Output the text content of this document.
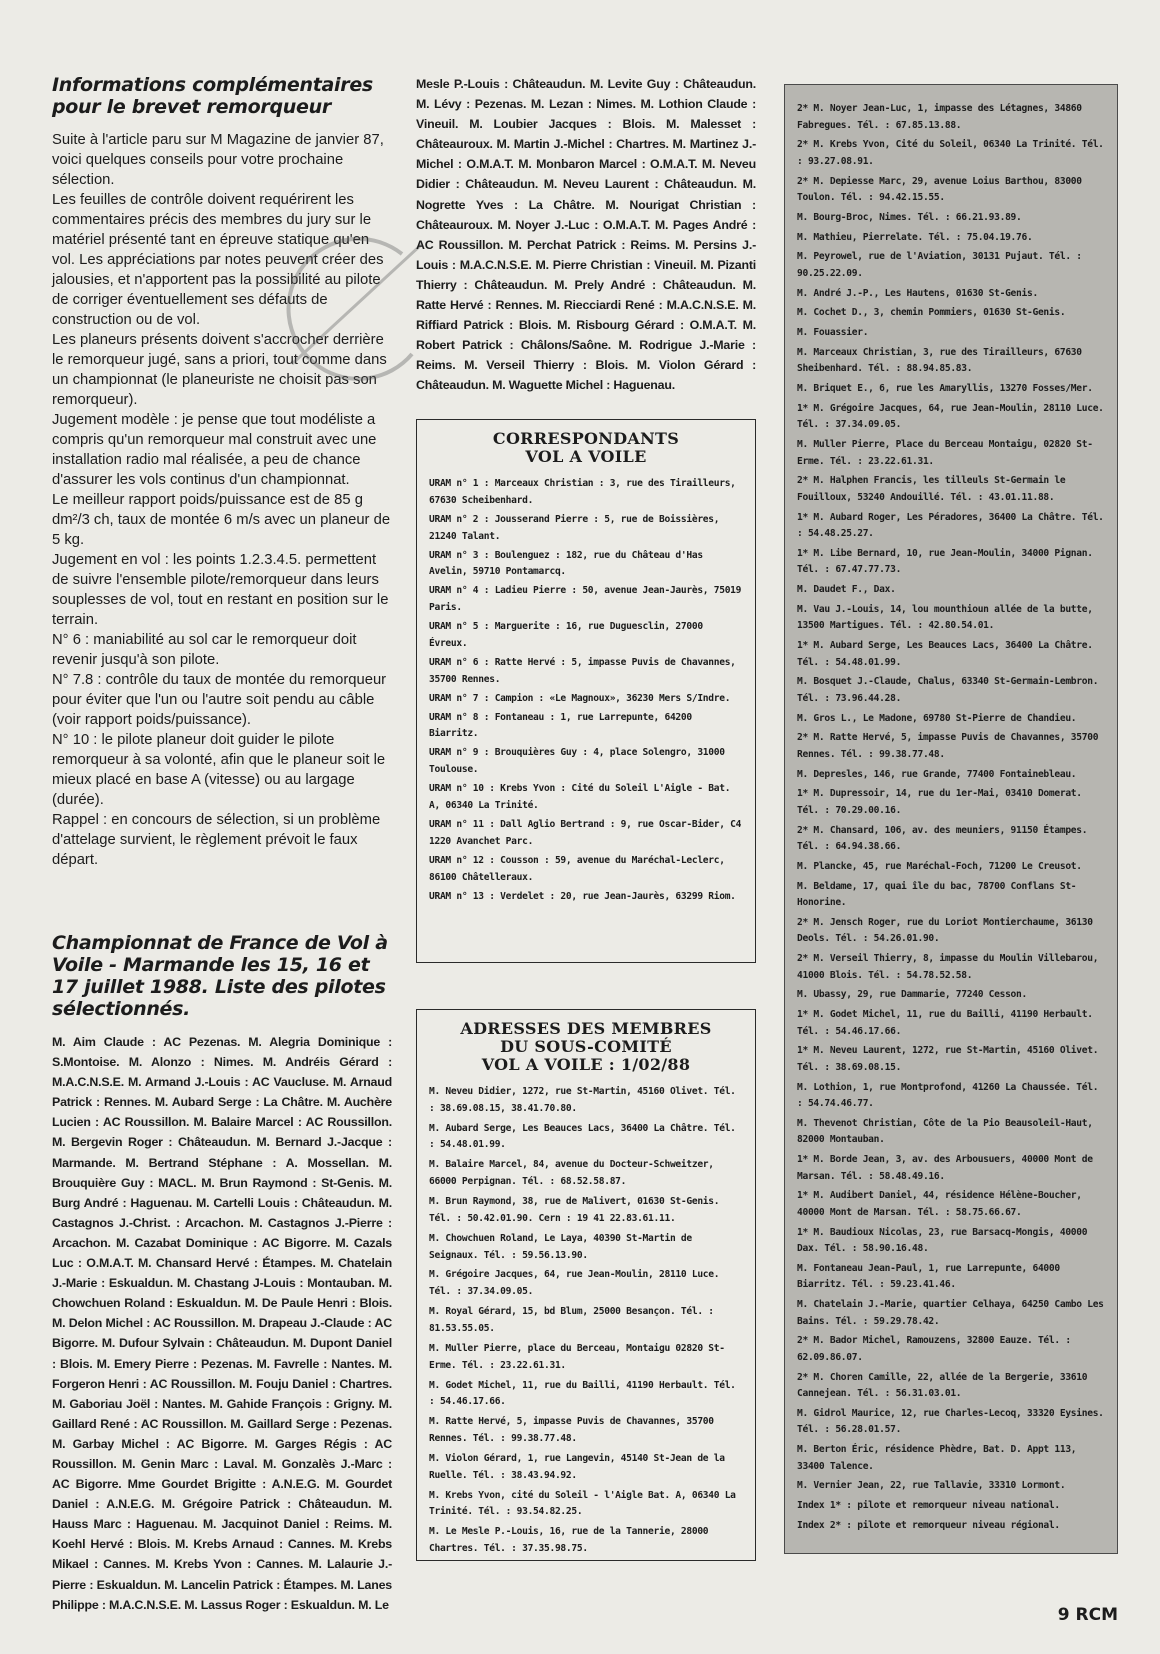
Informations complémentaires pour le brevet remorqueur

Suite à l'article paru sur M Magazine de janvier 87, voici quelques conseils pour votre prochaine sélection.

Les feuilles de contrôle doivent requérirent les commentaires précis des membres du jury sur le matériel présenté tant en épreuve statique qu'en vol. Les appréciations par notes peuvent créer des jalousies, et n'apportent pas la possibilité au pilote de corriger éventuellement ses défauts de construction ou de vol.

Les planeurs présents doivent s'accrocher derrière le remorqueur jugé, sans a priori, tout comme dans un championnat (le planeuriste ne choisit pas son remorqueur).

Jugement modèle : je pense que tout modéliste a compris qu'un remorqueur mal construit avec une installation radio mal réalisée, a peu de chance d'assurer les vols continus d'un championnat.

Le meilleur rapport poids/puissance est de 85 g dm²/3 ch, taux de montée 6 m/s avec un planeur de 5 kg.

Jugement en vol : les points 1.2.3.4.5. permettent de suivre l'ensemble pilote/remorqueur dans leurs souplesses de vol, tout en restant en position sur le terrain.

N° 6 : maniabilité au sol car le remorqueur doit revenir jusqu'à son pilote.

N° 7.8 : contrôle du taux de montée du remorqueur pour éviter que l'un ou l'autre soit pendu au câble (voir rapport poids/puissance).

N° 10 : le pilote planeur doit guider le pilote remorqueur à sa volonté, afin que le planeur soit le mieux placé en base A (vitesse) ou au largage (durée).

Rappel : en concours de sélection, si un problème d'attelage survient, le règlement prévoit le faux départ.

Championnat de France de Vol à Voile - Marmande les 15, 16 et 17 juillet 1988. Liste des pilotes sélectionnés.

M. Aim Claude : AC Pezenas. M. Alegria Dominique : S.Montoise. M. Alonzo : Nimes. M. Andréis Gérard : M.A.C.N.S.E. M. Armand J.-Louis : AC Vaucluse. M. Arnaud Patrick : Rennes. M. Aubard Serge : La Châtre. M. Auchère Lucien : AC Roussillon. M. Balaire Marcel : AC Roussillon. M. Bergevin Roger : Châteaudun. M. Bernard J.-Jacque : Marmande. M. Bertrand Stéphane : A. Mossellan. M. Brouquière Guy : MACL. M. Brun Raymond : St-Genis. M. Burg André : Haguenau. M. Cartelli Louis : Châteaudun. M. Castagnos J.-Christ. : Arcachon. M. Castagnos J.-Pierre : Arcachon. M. Cazabat Dominique : AC Bigorre. M. Cazals Luc : O.M.A.T. M. Chansard Hervé : Étampes. M. Chatelain J.-Marie : Eskualdun. M. Chastang J-Louis : Montauban. M. Chowchuen Roland : Eskualdun. M. De Paule Henri : Blois. M. Delon Michel : AC Roussillon. M. Drapeau J.-Claude : AC Bigorre. M. Dufour Sylvain : Châteaudun. M. Dupont Daniel : Blois. M. Emery Pierre : Pezenas. M. Favrelle : Nantes. M. Forgeron Henri : AC Roussillon. M. Fouju Daniel : Chartres. M. Gaboriau Joël : Nantes. M. Gahide François : Grigny. M. Gaillard René : AC Roussillon. M. Gaillard Serge : Pezenas. M. Garbay Michel : AC Bigorre. M. Garges Régis : AC Roussillon. M. Genin Marc : Laval. M. Gonzalès J.-Marc : AC Bigorre. Mme Gourdet Brigitte : A.N.E.G. M. Gourdet Daniel : A.N.E.G. M. Grégoire Patrick : Châteaudun. M. Hauss Marc : Haguenau. M. Jacquinot Daniel : Reims. M. Koehl Hervé : Blois. M. Krebs Arnaud : Cannes. M. Krebs Mikael : Cannes. M. Krebs Yvon : Cannes. M. Lalaurie J.-Pierre : Eskualdun. M. Lancelin Patrick : Étampes. M. Lanes Philippe : M.A.C.N.S.E. M. Lassus Roger : Eskualdun. M. Le

Mesle P.-Louis : Châteaudun. M. Levite Guy : Châteaudun. M. Lévy : Pezenas. M. Lezan : Nimes. M. Lothion Claude : Vineuil. M. Loubier Jacques : Blois. M. Malesset : Châteauroux. M. Martin J.-Michel : Chartres. M. Martinez J.-Michel : O.M.A.T. M. Monbaron Marcel : O.M.A.T. M. Neveu Didier : Châteaudun. M. Neveu Laurent : Châteaudun. M. Nogrette Yves : La Châtre. M. Nourigat Christian : Châteauroux. M. Noyer J.-Luc : O.M.A.T. M. Pages André : AC Roussillon. M. Perchat Patrick : Reims. M. Persins J.-Louis : M.A.C.N.S.E. M. Pierre Christian : Vineuil. M. Pizanti Thierry : Châteaudun. M. Prely André : Châteaudun. M. Ratte Hervé : Rennes. M. Riecciardi René : M.A.C.N.S.E. M. Riffiard Patrick : Blois. M. Risbourg Gérard : O.M.A.T. M. Robert Patrick : Châlons/Saône. M. Rodrigue J.-Marie : Reims. M. Verseil Thierry : Blois. M. Violon Gérard : Châteaudun. M. Waguette Michel : Haguenau.

CORRESPONDANTS
VOL A VOILE
URAM n° 1 : Marceaux Christian : 3, rue des Tirailleurs, 67630 Scheibenhard.
URAM n° 2 : Jousserand Pierre : 5, rue de Boissières, 21240 Talant.
URAM n° 3 : Boulenguez : 182, rue du Château d'Has Avelin, 59710 Pontamarcq.
URAM n° 4 : Ladieu Pierre : 50, avenue Jean-Jaurès, 75019 Paris.
URAM n° 5 : Marguerite : 16, rue Duguesclin, 27000 Évreux.
URAM n° 6 : Ratte Hervé : 5, impasse Puvis de Chavannes, 35700 Rennes.
URAM n° 7 : Campion : «Le Magnoux», 36230 Mers S/Indre.
URAM n° 8 : Fontaneau : 1, rue Larrepunte, 64200 Biarritz.
URAM n° 9 : Brouquières Guy : 4, place Solengro, 31000 Toulouse.
URAM n° 10 : Krebs Yvon : Cité du Soleil L'Aigle - Bat. A, 06340 La Trinité.
URAM n° 11 : Dall Aglio Bertrand : 9, rue Oscar-Bider, C4 1220 Avanchet Parc.
URAM n° 12 : Cousson : 59, avenue du Maréchal-Leclerc, 86100 Châtelleraux.
URAM n° 13 : Verdelet : 20, rue Jean-Jaurès, 63299 Riom.
ADRESSES DES MEMBRES
DU SOUS-COMITÉ
VOL A VOILE : 1/02/88
M. Neveu Didier, 1272, rue St-Martin, 45160 Olivet. Tél. : 38.69.08.15, 38.41.70.80.
M. Aubard Serge, Les Beauces Lacs, 36400 La Châtre. Tél. : 54.48.01.99.
M. Balaire Marcel, 84, avenue du Docteur-Schweitzer, 66000 Perpignan. Tél. : 68.52.58.87.
M. Brun Raymond, 38, rue de Malivert, 01630 St-Genis. Tél. : 50.42.01.90. Cern : 19 41 22.83.61.11.
M. Chowchuen Roland, Le Laya, 40390 St-Martin de Seignaux. Tél. : 59.56.13.90.
M. Grégoire Jacques, 64, rue Jean-Moulin, 28110 Luce. Tél. : 37.34.09.05.
M. Royal Gérard, 15, bd Blum, 25000 Besançon. Tél. : 81.53.55.05.
M. Muller Pierre, place du Berceau, Montaigu 02820 St-Erme. Tél. : 23.22.61.31.
M. Godet Michel, 11, rue du Bailli, 41190 Herbault. Tél. : 54.46.17.66.
M. Ratte Hervé, 5, impasse Puvis de Chavannes, 35700 Rennes. Tél. : 99.38.77.48.
M. Violon Gérard, 1, rue Langevin, 45140 St-Jean de la Ruelle. Tél. : 38.43.94.92.
M. Krebs Yvon, cité du Soleil - l'Aigle Bat. A, 06340 La Trinité. Tél. : 93.54.82.25.
M. Le Mesle P.-Louis, 16, rue de la Tannerie, 28000 Chartres. Tél. : 37.35.98.75.
2* M. Noyer Jean-Luc, 1, impasse des Létagnes, 34860 Fabregues. Tél. : 67.85.13.88.
2* M. Krebs Yvon, Cité du Soleil, 06340 La Trinité. Tél. : 93.27.08.91.
2* M. Depiesse Marc, 29, avenue Loius Barthou, 83000 Toulon. Tél. : 94.42.15.55.
M. Bourg-Broc, Nimes. Tél. : 66.21.93.89.
M. Mathieu, Pierrelate. Tél. : 75.04.19.76.
M. Peyrowel, rue de l'Aviation, 30131 Pujaut. Tél. : 90.25.22.09.
M. André J.-P., Les Hautens, 01630 St-Genis.
M. Cochet D., 3, chemin Pommiers, 01630 St-Genis.
M. Fouassier.
M. Marceaux Christian, 3, rue des Tirailleurs, 67630 Sheibenhard. Tél. : 88.94.85.83.
M. Briquet E., 6, rue les Amaryllis, 13270 Fosses/Mer.
1* M. Grégoire Jacques, 64, rue Jean-Moulin, 28110 Luce. Tél. : 37.34.09.05.
M. Muller Pierre, Place du Berceau Montaigu, 02820 St-Erme. Tél. : 23.22.61.31.
2* M. Halphen Francis, les tilleuls St-Germain le Fouilloux, 53240 Andouillé. Tél. : 43.01.11.88.
1* M. Aubard Roger, Les Péradores, 36400 La Châtre. Tél. : 54.48.25.27.
1* M. Libe Bernard, 10, rue Jean-Moulin, 34000 Pignan. Tél. : 67.47.77.73.
M. Daudet F., Dax.
M. Vau J.-Louis, 14, lou mounthioun allée de la butte, 13500 Martigues. Tél. : 42.80.54.01.
1* M. Aubard Serge, Les Beauces Lacs, 36400 La Châtre. Tél. : 54.48.01.99.
M. Bosquet J.-Claude, Chalus, 63340 St-Germain-Lembron. Tél. : 73.96.44.28.
M. Gros L., Le Madone, 69780 St-Pierre de Chandieu.
2* M. Ratte Hervé, 5, impasse Puvis de Chavannes, 35700 Rennes. Tél. : 99.38.77.48.
M. Depresles, 146, rue Grande, 77400 Fontainebleau.
1* M. Dupressoir, 14, rue du 1er-Mai, 03410 Domerat. Tél. : 70.29.00.16.
2* M. Chansard, 106, av. des meuniers, 91150 Étampes. Tél. : 64.94.38.66.
M. Plancke, 45, rue Maréchal-Foch, 71200 Le Creusot.
M. Beldame, 17, quai île du bac, 78700 Conflans St-Honorine.
2* M. Jensch Roger, rue du Loriot Montierchaume, 36130 Deols. Tél. : 54.26.01.90.
2* M. Verseil Thierry, 8, impasse du Moulin Villebarou, 41000 Blois. Tél. : 54.78.52.58.
M. Ubassy, 29, rue Dammarie, 77240 Cesson.
1* M. Godet Michel, 11, rue du Bailli, 41190 Herbault. Tél. : 54.46.17.66.
1* M. Neveu Laurent, 1272, rue St-Martin, 45160 Olivet. Tél. : 38.69.08.15.
M. Lothion, 1, rue Montprofond, 41260 La Chaussée. Tél. : 54.74.46.77.
M. Thevenot Christian, Côte de la Pio Beausoleil-Haut, 82000 Montauban.
1* M. Borde Jean, 3, av. des Arbousuers, 40000 Mont de Marsan. Tél. : 58.48.49.16.
1* M. Audibert Daniel, 44, résidence Hélène-Boucher, 40000 Mont de Marsan. Tél. : 58.75.66.67.
1* M. Baudioux Nicolas, 23, rue Barsacq-Mongis, 40000 Dax. Tél. : 58.90.16.48.
M. Fontaneau Jean-Paul, 1, rue Larrepunte, 64000 Biarritz. Tél. : 59.23.41.46.
M. Chatelain J.-Marie, quartier Celhaya, 64250 Cambo Les Bains. Tél. : 59.29.78.42.
2* M. Bador Michel, Ramouzens, 32800 Eauze. Tél. : 62.09.86.07.
2* M. Choren Camille, 22, allée de la Bergerie, 33610 Cannejean. Tél. : 56.31.03.01.
M. Gidrol Maurice, 12, rue Charles-Lecoq, 33320 Eysines. Tél. : 56.28.01.57.
M. Berton Éric, résidence Phèdre, Bat. D. Appt 113, 33400 Talence.
M. Vernier Jean, 22, rue Tallavie, 33310 Lormont.
Index 1* : pilote et remorqueur niveau national.
Index 2* : pilote et remorqueur niveau régional.
9 RCM
